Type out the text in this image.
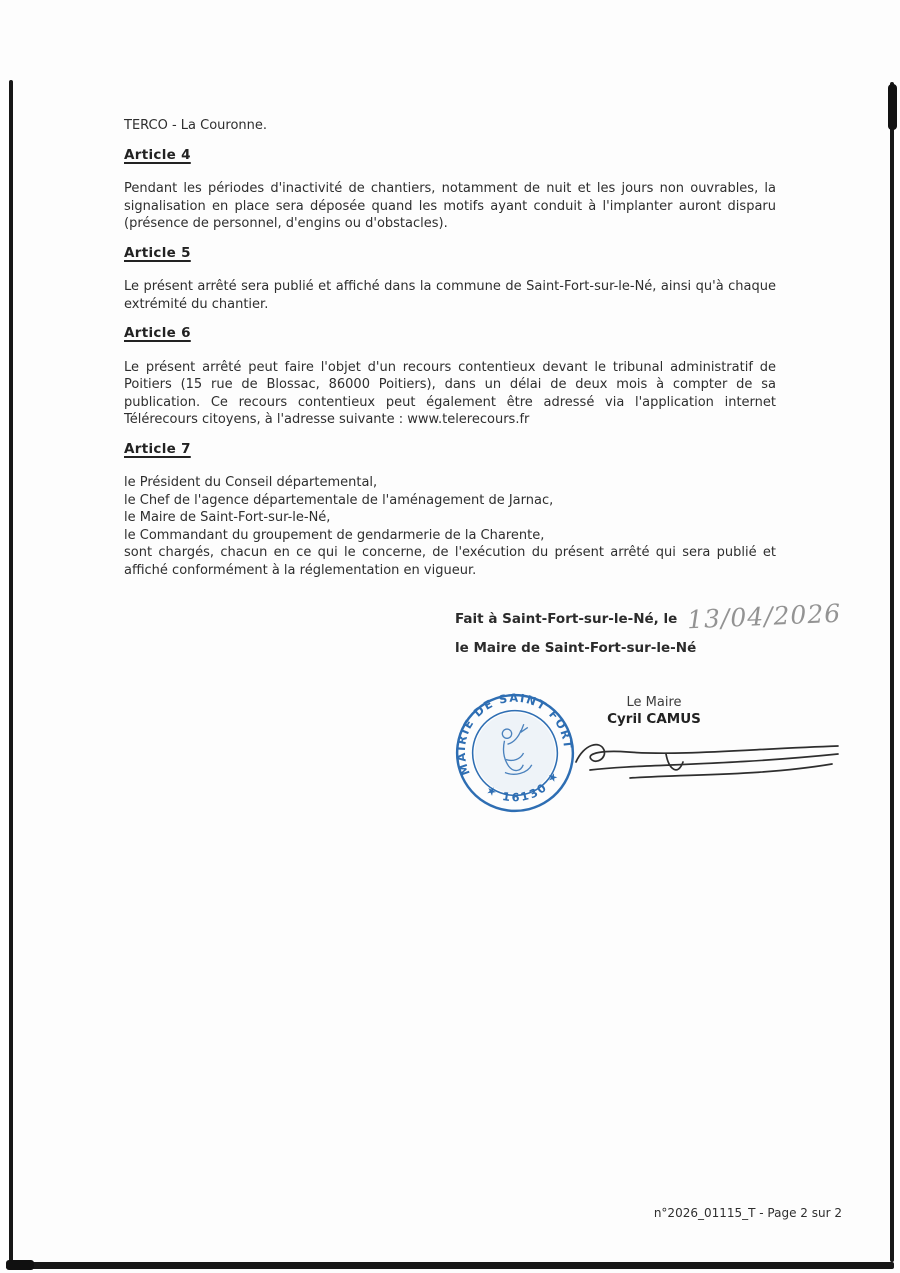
TERCO - La Couronne.

Article 4

Pendant les périodes d'inactivité de chantiers, notamment de nuit et les jours non ouvrables, la signalisation en place sera déposée quand les motifs ayant conduit à l'implanter auront disparu (présence de personnel, d'engins ou d'obstacles).

Article 5

Le présent arrêté sera publié et affiché dans la commune de Saint-Fort-sur-le-Né, ainsi qu'à chaque extrémité du chantier.

Article 6

Le présent arrêté peut faire l'objet d'un recours contentieux devant le tribunal administratif de Poitiers (15 rue de Blossac, 86000 Poitiers), dans un délai de deux mois à compter de sa publication. Ce recours contentieux peut également être adressé via l'application internet Télérecours citoyens, à l'adresse suivante : www.telerecours.fr

Article 7
le Président du Conseil départemental,
le Chef de l'agence départementale de l'aménagement de Jarnac,
le Maire de Saint-Fort-sur-le-Né,
le Commandant du groupement de gendarmerie de la Charente,

sont chargés, chacun en ce qui le concerne, de l'exécution du présent arrêté qui sera publié et affiché conformément à la réglementation en vigueur.

Fait à Saint-Fort-sur-le-Né, le 13/04/2026
le Maire de Saint-Fort-sur-le-Né
MAIRIE DE SAINT FORT
★ 16130 ★
Le Maire
Cyril CAMUS
n°2026_01115_T - Page 2 sur 2
